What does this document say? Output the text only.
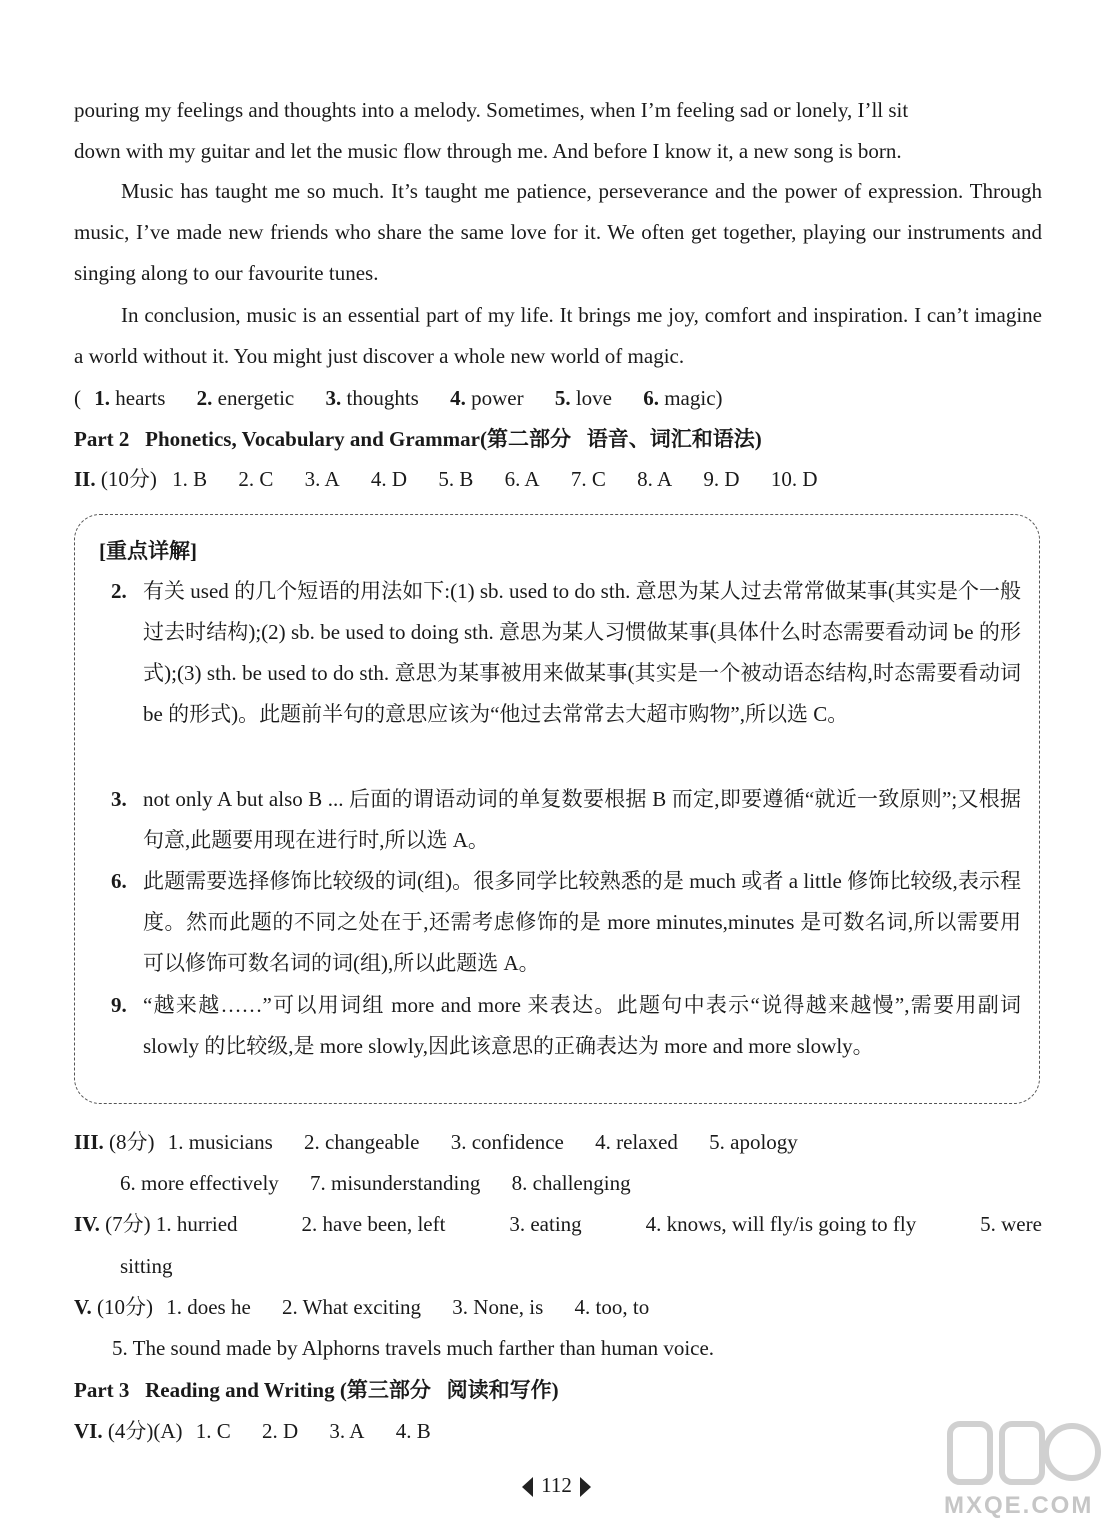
pouring my feelings and thoughts into a melody. Sometimes, when I’m feeling sad or lonely, I’ll sit
down with my guitar and let the music flow through me. And before I know it, a new song is born.
Music has taught me so much. It’s taught me patience, perseverance and the power of expression. Through music, I’ve made new friends who share the same love for it. We often get together, playing our instruments and singing along to our favourite tunes.
In conclusion, music is an essential part of my life. It brings me joy, comfort and inspiration. I can’t imagine a world without it. You might just discover a whole new world of magic.
( 1. hearts 2. energetic 3. thoughts 4. power 5. love 6. magic)
Part 2   Phonetics, Vocabulary and Grammar(第二部分   语音、词汇和语法)
II. (10分) 1. B 2. C 3. A 4. D 5. B 6. A 7. C 8. A 9. D 10. D
[重点详解]
2. 有关 used 的几个短语的用法如下:(1) sb. used to do sth. 意思为某人过去常常做某事(其实是个一般过去时结构);(2) sb. be used to doing sth. 意思为某人习惯做某事(具体什么时态需要看动词 be 的形式);(3) sth. be used to do sth. 意思为某事被用来做某事(其实是一个被动语态结构,时态需要看动词 be 的形式)。此题前半句的意思应该为“他过去常常去大超市购物”,所以选 C。
3. not only A but also B ... 后面的谓语动词的单复数要根据 B 而定,即要遵循“就近一致原则”;又根据句意,此题要用现在进行时,所以选 A。
6. 此题需要选择修饰比较级的词(组)。很多同学比较熟悉的是 much 或者 a little 修饰比较级,表示程度。然而此题的不同之处在于,还需考虑修饰的是 more minutes,minutes 是可数名词,所以需要用可以修饰可数名词的词(组),所以此题选 A。
9. “越来越……”可以用词组 more and more 来表达。此题句中表示“说得越来越慢”,需要用副词 slowly 的比较级,是 more slowly,因此该意思的正确表达为 more and more slowly。
III. (8分) 1. musicians 2. changeable 3. confidence 4. relaxed 5. apology
6. more effectively 7. misunderstanding 8. challenging
IV. (7分) 1. hurried	2. have been, left	3. eating	4. knows, will fly/is going to fly	5. were
sitting
V. (10分) 1. does he 2. What exciting 3. None, is 4. too, to
5. The sound made by Alphorns travels much farther than human voice.
Part 3   Reading and Writing (第三部分   阅读和写作)
VI. (4分)(A) 1. C 2. D 3. A 4. B
112
MXQE.COM
